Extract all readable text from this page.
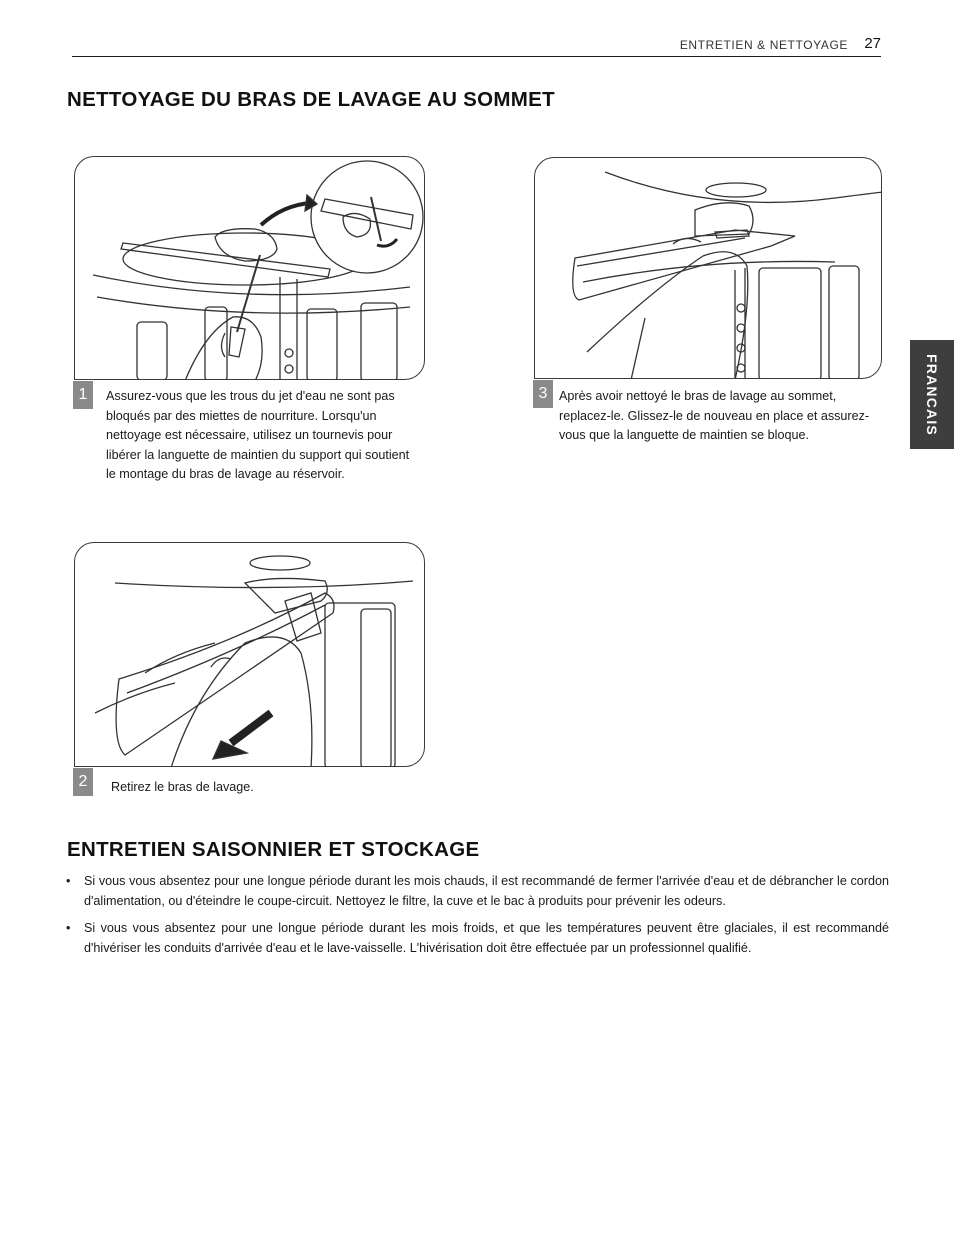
ENTRETIEN & NETTOYAGE 27
FRANCAIS
NETTOYAGE DU BRAS DE LAVAGE AU SOMMET
1	Assurez-vous que les trous du jet d'eau ne sont pas bloqués par des miettes de nourriture. Lorsqu'un nettoyage est nécessaire, utilisez un tournevis pour libérer la languette de maintien du support qui soutient le montage du bras de lavage au réservoir.
3 Après avoir nettoyé le bras de lavage au sommet, replacez-le. Glissez-le de nouveau en place et assurez-vous que la languette de maintien se bloque.
2	Retirez le bras de lavage.
ENTRETIEN SAISONNIER ET STOCKAGE
• Si vous vous absentez pour une longue période durant les mois chauds, il est recommandé de fermer l'arrivée d'eau et de débrancher le cordon d'alimentation, ou d'éteindre le coupe-circuit. Nettoyez le filtre, la cuve et le bac à produits pour prévenir les odeurs.
• Si vous vous absentez pour une longue période durant les mois froids, et que les températures peuvent être glaciales, il est recommandé d'hivériser les conduits d'arrivée d'eau et le lave-vaisselle. L'hivérisation doit être effectuée par un professionnel qualifié.
